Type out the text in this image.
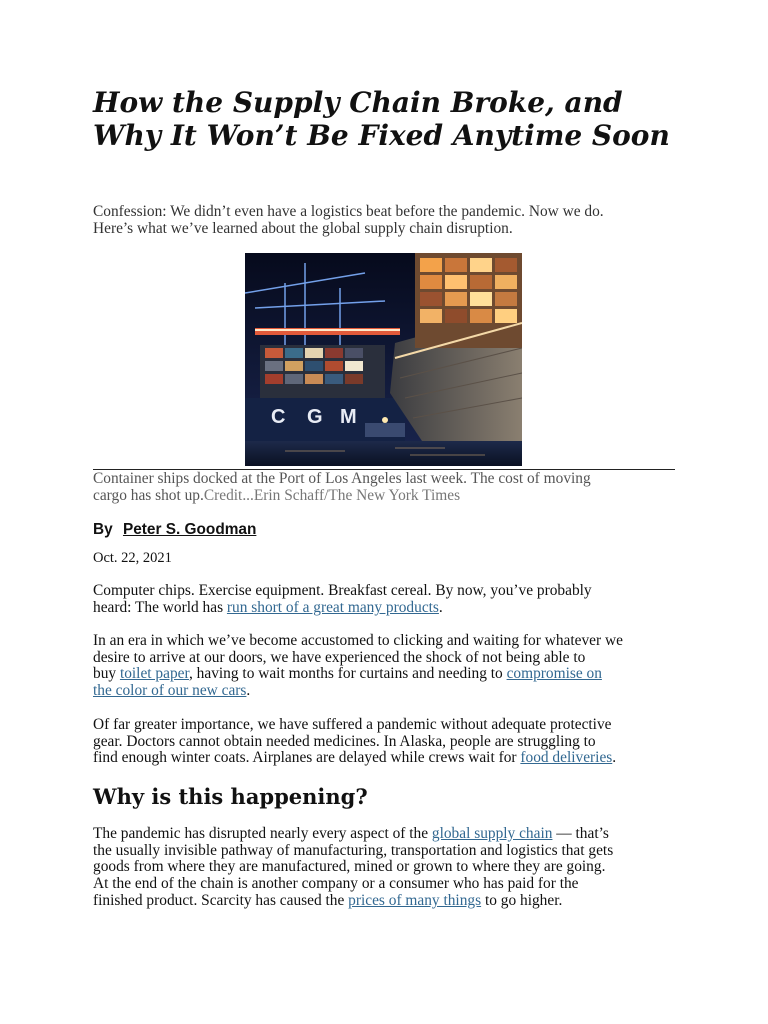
How the Supply Chain Broke, and Why It Won’t Be Fixed Anytime Soon

Confession: We didn’t even have a logistics beat before the pandemic. Now we do.
Here’s what we’ve learned about the global supply chain disruption.

C G M

Container ships docked at the Port of Los Angeles last week. The cost of moving
cargo has shot up.Credit...Erin Schaff/The New York Times

By Peter S. Goodman

Oct. 22, 2021

Computer chips. Exercise equipment. Breakfast cereal. By now, you’ve probably
heard: The world has run short of a great many products.

In an era in which we’ve become accustomed to clicking and waiting for whatever we
desire to arrive at our doors, we have experienced the shock of not being able to
buy toilet paper, having to wait months for curtains and needing to compromise on
the color of our new cars.

Of far greater importance, we have suffered a pandemic without adequate protective
gear. Doctors cannot obtain needed medicines. In Alaska, people are struggling to
find enough winter coats. Airplanes are delayed while crews wait for food deliveries.

Why is this happening?

The pandemic has disrupted nearly every aspect of the global supply chain — that’s
the usually invisible pathway of manufacturing, transportation and logistics that gets
goods from where they are manufactured, mined or grown to where they are going.
At the end of the chain is another company or a consumer who has paid for the
finished product. Scarcity has caused the prices of many things to go higher.
